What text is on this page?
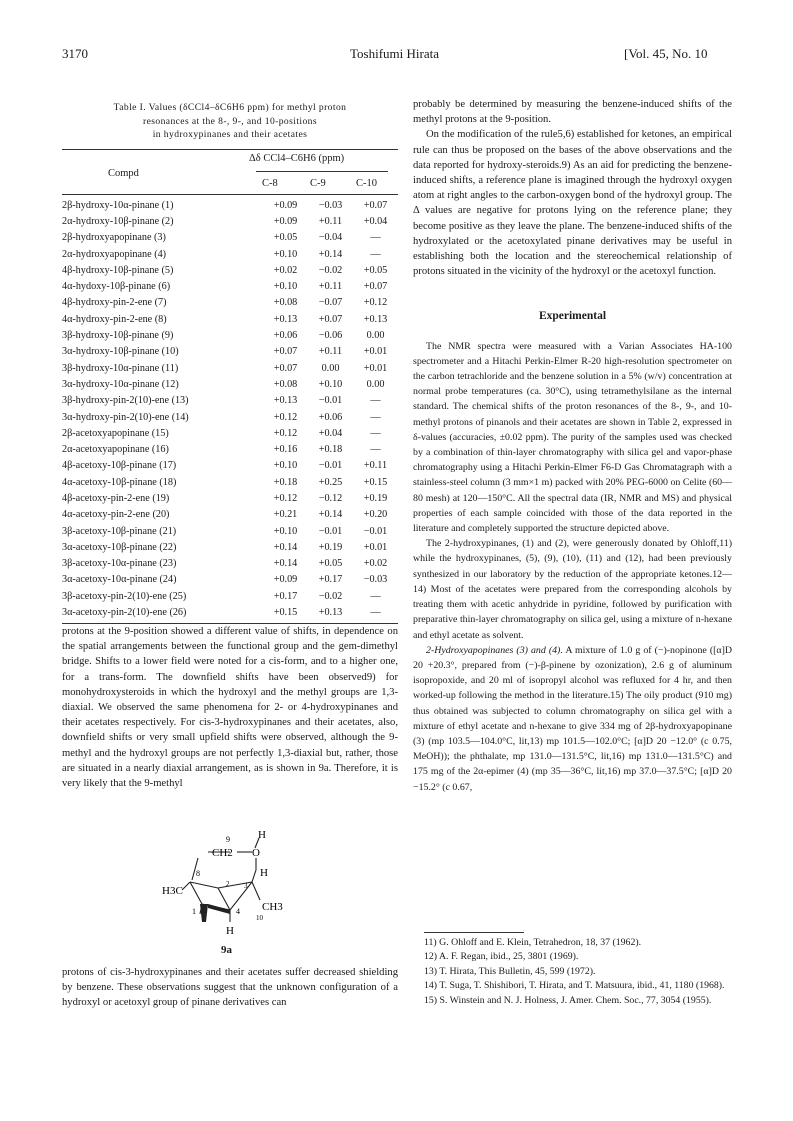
3170	Toshifumi Hirata	[Vol. 45, No. 10
Table I. Values (δCCl4–δC6H6 ppm) for methyl proton
resonances at the 8-, 9-, and 10-positions
in hydroxypinanes and their acetates
Δδ CCl4–C6H6 (ppm)
Compd
C-8	C-9	C-10
2β-hydroxy-10α-pinane (1)	+0.09	−0.03	+0.07
2α-hydroxy-10β-pinane (2)	+0.09	+0.11	+0.04
2β-hydroxyapopinane (3)	+0.05	−0.04	—
2α-hydroxyapopinane (4)	+0.10	+0.14	—
4β-hydroxy-10β-pinane (5)	+0.02	−0.02	+0.05
4α-hydoxy-10β-pinane (6)	+0.10	+0.11	+0.07
4β-hydroxy-pin-2-ene (7)	+0.08	−0.07	+0.12
4α-hydroxy-pin-2-ene (8)	+0.13	+0.07	+0.13
3β-hydroxy-10β-pinane (9)	+0.06	−0.06	0.00
3α-hydroxy-10β-pinane (10)	+0.07	+0.11	+0.01
3β-hydroxy-10α-pinane (11)	+0.07	0.00	+0.01
3α-hydroxy-10α-pinane (12)	+0.08	+0.10	0.00
3β-hydroxy-pin-2(10)-ene (13)	+0.13	−0.01	—
3α-hydroxy-pin-2(10)-ene (14)	+0.12	+0.06	—
2β-acetoxyapopinane (15)	+0.12	+0.04	—
2α-acetoxyapopinane (16)	+0.16	+0.18	—
4β-acetoxy-10β-pinane (17)	+0.10	−0.01	+0.11
4α-acetoxy-10β-pinane (18)	+0.18	+0.25	+0.15
4β-acetoxy-pin-2-ene (19)	+0.12	−0.12	+0.19
4α-acetoxy-pin-2-ene (20)	+0.21	+0.14	+0.20
3β-acetoxy-10β-pinane (21)	+0.10	−0.01	−0.01
3α-acetoxy-10β-pinane (22)	+0.14	+0.19	+0.01
3β-acetoxy-10α-pinane (23)	+0.14	+0.05	+0.02
3α-acetoxy-10α-pinane (24)	+0.09	+0.17	−0.03
3β-acetoxy-pin-2(10)-ene (25)	+0.17	−0.02	—
3α-acetoxy-pin-2(10)-ene (26)	+0.15	+0.13	—

protons at the 9-position showed a different value of shifts, in dependence on the spatial arrangements between the functional group and the gem-dimethyl bridge. Shifts to a lower field were noted for a cis-form, and to a higher one, for a trans-form. The downfield shifts have been observed9) for monohydroxysteroids in which the hydroxyl and the methyl groups are 1,3-diaxial. We observed the same phenomena for 2- or 4-hydroxypinanes and their acetates respectively. For cis-3-hydroxypinanes and their acetates, also, downfield shifts or very small upfield shifts were observed, although the 9-methyl and the hydroxyl groups are not perfectly 1,3-diaxial but, rather, those are situated in a nearly diaxial arrangement, as is shown in 9a. Therefore, it is very likely that the 9-methyl

9
CH2 O
H
H
8
H3C
2 3
CH3
10
1	4
H
9a

protons of cis-3-hydroxypinanes and their acetates suffer decreased shielding by benzene. These observations suggest that the unknown configuration of a hydroxyl or acetoxyl group of pinane derivatives can

probably be determined by measuring the benzene-induced shifts of the methyl protons at the 9-position.

On the modification of the rule5,6) established for ketones, an empirical rule can thus be proposed on the bases of the above observations and the data reported for hydroxy-steroids.9) As an aid for predicting the benzene-induced shifts, a reference plane is imagined through the hydroxyl oxygen atom at right angles to the carbon-oxygen bond of the hydroxyl group. The Δ values are negative for protons lying on the reference plane; they become positive as they leave the plane. The benzene-induced shifts of the hydroxylated or the acetoxylated pinane derivatives may be useful in establishing both the location and the stereochemical relationship of protons situated in the vicinity of the hydroxyl or the acetoxyl function.

Experimental

The NMR spectra were measured with a Varian Associates HA-100 spectrometer and a Hitachi Perkin-Elmer R-20 high-resolution spectrometer on the carbon tetrachloride and the benzene solution in a 5% (w/v) concentration at normal probe temperatures (ca. 30°C), using tetramethylsilane as the internal standard. The chemical shifts of the proton resonances of the 8-, 9-, and 10-methyl protons of pinanols and their acetates are shown in Table 2, expressed in δ-values (accuracies, ±0.02 ppm). The purity of the samples used was checked by a combination of thin-layer chromatography with silica gel and vapor-phase chromatography using a Hitachi Perkin-Elmer F6-D Gas Chromatagraph with a stainless-steel column (3 mm×1 m) packed with 20% PEG-6000 on Celite (60—80 mesh) at 120—150°C. All the spectral data (IR, NMR and MS) and physical properties of each sample coincided with those of the data reported in the literature and completely supported the structure depicted above.

The 2-hydroxypinanes, (1) and (2), were generously donated by Ohloff,11) while the hydroxypinanes, (5), (9), (10), (11) and (12), had been previously synthesized in our laboratory by the reduction of the appropriate ketones.12—14) Most of the acetates were prepared from the corresponding alcohols by treating them with acetic anhydride in pyridine, followed by purification with preparative thin-layer chromatography on silica gel, using a mixture of n-hexane and ethyl acetate as solvent.

2-Hydroxyapopinanes (3) and (4). A mixture of 1.0 g of (−)-nopinone ([α]D 20 +20.3°, prepared from (−)-β-pinene by ozonization), 2.6 g of aluminum isopropoxide, and 20 ml of isopropyl alcohol was refluxed for 4 hr, and then worked-up following the method in the literature.15) The oily product (910 mg) thus obtained was subjected to column chromatography on silica gel with a mixture of ethyl acetate and n-hexane to give 334 mg of 2β-hydroxyapopinane (3) (mp 103.5—104.0°C, lit,13) mp 101.5—102.0°C; [α]D 20 −12.0° (c 0.75, MeOH)); the phthalate, mp 131.0—131.5°C, lit,16) mp 131.0—131.5°C) and 175 mg of the 2α-epimer (4) (mp 35—36°C, lit,16) mp 37.0—37.5°C; [α]D 20 −15.2° (c 0.67,

11) G. Ohloff and E. Klein, Tetrahedron, 18, 37 (1962).

12) A. F. Regan, ibid., 25, 3801 (1969).

13) T. Hirata, This Bulletin, 45, 599 (1972).

14) T. Suga, T. Shishibori, T. Hirata, and T. Matsuura, ibid., 41, 1180 (1968).

15) S. Winstein and N. J. Holness, J. Amer. Chem. Soc., 77, 3054 (1955).
